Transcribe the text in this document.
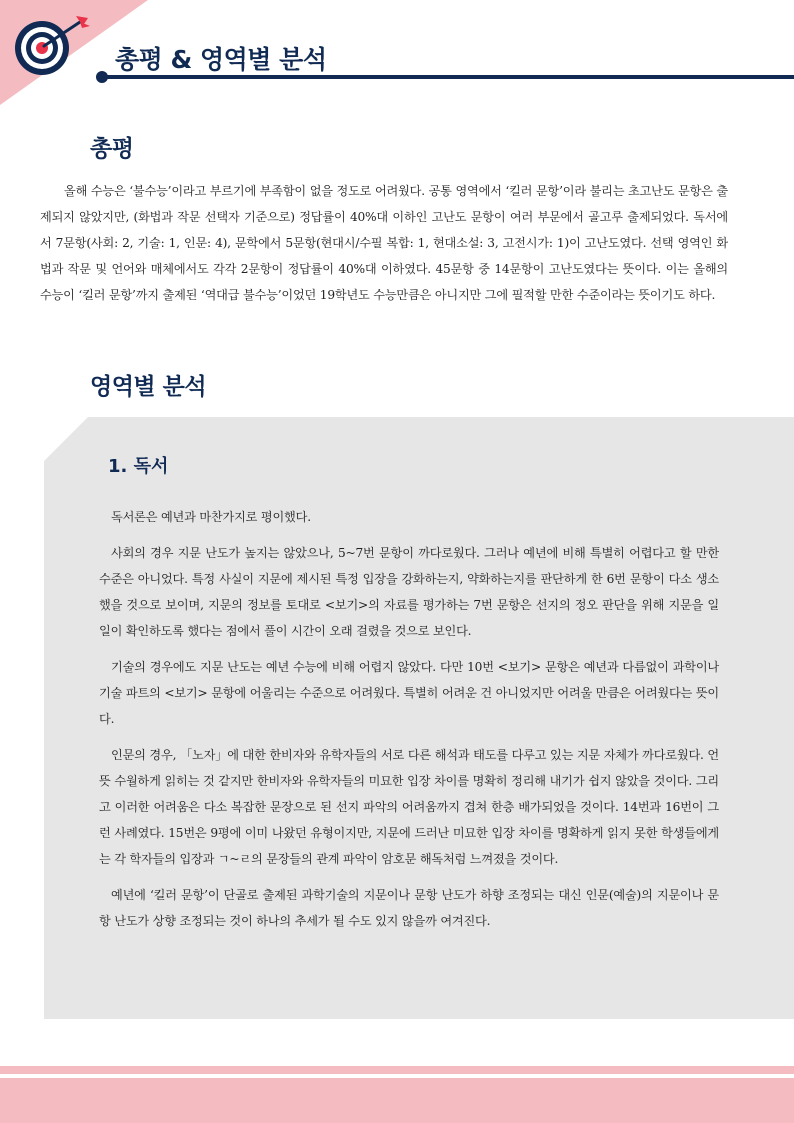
총평 & 영역별 분석
총평

올해 수능은 ‘불수능’이라고 부르기에 부족함이 없을 정도로 어려웠다. 공통 영역에서 ‘킬러 문항’이라 불리는 초고난도 문항은 출제되지 않았지만, (화법과 작문 선택자 기준으로) 정답률이 40%대 이하인 고난도 문항이 여러 부문에서 골고루 출제되었다. 독서에서 7문항(사회: 2, 기술: 1, 인문: 4), 문학에서 5문항(현대시/수필 복합: 1, 현대소설: 3, 고전시가: 1)이 고난도였다. 선택 영역인 화법과 작문 및 언어와 매체에서도 각각 2문항이 정답률이 40%대 이하였다. 45문항 중 14문항이 고난도였다는 뜻이다. 이는 올해의 수능이 ‘킬러 문항’까지 출제된 ‘역대급 불수능’이었던 19학년도 수능만큼은 아니지만 그에 필적할 만한 수준이라는 뜻이기도 하다.

영역별 분석
1. 독서

독서론은 예년과 마찬가지로 평이했다.

사회의 경우 지문 난도가 높지는 않았으나, 5~7번 문항이 까다로웠다. 그러나 예년에 비해 특별히 어렵다고 할 만한 수준은 아니었다. 특정 사실이 지문에 제시된 특정 입장을 강화하는지, 약화하는지를 판단하게 한 6번 문항이 다소 생소했을 것으로 보이며, 지문의 정보를 토대로 <보기>의 자료를 평가하는 7번 문항은 선지의 정오 판단을 위해 지문을 일일이 확인하도록 했다는 점에서 풀이 시간이 오래 걸렸을 것으로 보인다.

기술의 경우에도 지문 난도는 예년 수능에 비해 어렵지 않았다. 다만 10번 <보기> 문항은 예년과 다름없이 과학이나 기술 파트의 <보기> 문항에 어울리는 수준으로 어려웠다. 특별히 어려운 건 아니었지만 어려울 만큼은 어려웠다는 뜻이다.

인문의 경우, 「노자」에 대한 한비자와 유학자들의 서로 다른 해석과 태도를 다루고 있는 지문 자체가 까다로웠다. 언뜻 수월하게 읽히는 것 같지만 한비자와 유학자들의 미묘한 입장 차이를 명확히 정리해 내기가 쉽지 않았을 것이다. 그리고 이러한 어려움은 다소 복잡한 문장으로 된 선지 파악의 어려움까지 겹쳐 한층 배가되었을 것이다. 14번과 16번이 그런 사례였다. 15번은 9평에 이미 나왔던 유형이지만, 지문에 드러난 미묘한 입장 차이를 명확하게 읽지 못한 학생들에게는 각 학자들의 입장과 ㄱ~ㄹ의 문장들의 관계 파악이 암호문 해독처럼 느껴졌을 것이다.

예년에 ‘킬러 문항’이 단골로 출제된 과학기술의 지문이나 문항 난도가 하향 조정되는 대신 인문(예술)의 지문이나 문항 난도가 상향 조정되는 것이 하나의 추세가 될 수도 있지 않을까 여겨진다.
